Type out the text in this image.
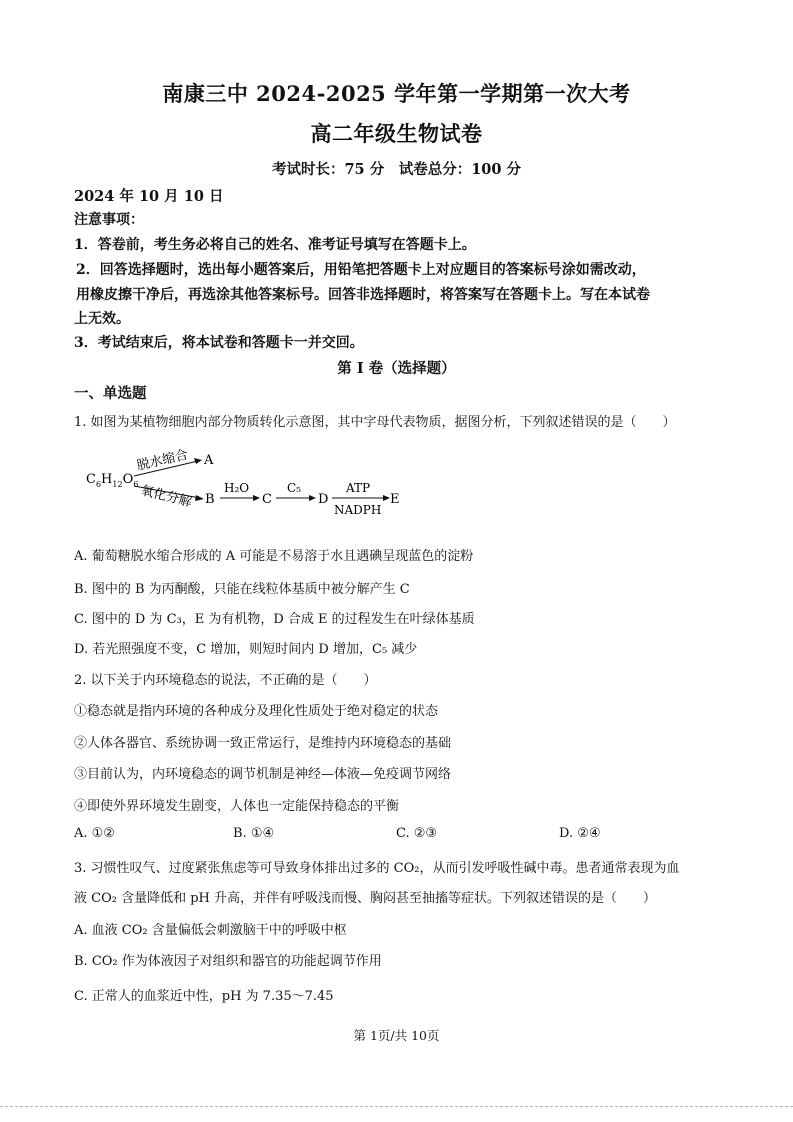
南康三中 2024-2025 学年第一学期第一次大考
高二年级生物试卷
考试时长：75 分　试卷总分：100 分
2024 年 10 月 10 日
注意事项：
1．答卷前，考生务必将自己的姓名、准考证号填写在答题卡上。
2．回答选择题时，选出每小题答案后，用铅笔把答题卡上对应题目的答案标号涂如需改动，
用橡皮擦干净后，再选涂其他答案标号。回答非选择题时，将答案写在答题卡上。写在本试卷
上无效。
3．考试结束后，将本试卷和答题卡一并交回。
第 I 卷（选择题）
一、单选题
1. 如图为某植物细胞内部分物质转化示意图，其中字母代表物质，据图分析，下列叙述错误的是（　　）
$C_6H_{12}O_6$
脱水缩合 A
氧化分解 B
H₂O
C
C₅
D
ATP
NADPH
E
A. 葡萄糖脱水缩合形成的 A 可能是不易溶于水且遇碘呈现蓝色的淀粉
B. 图中的 B 为丙酮酸，只能在线粒体基质中被分解产生 C
C. 图中的 D 为 C₃，E 为有机物，D 合成 E 的过程发生在叶绿体基质
D. 若光照强度不变，C 增加，则短时间内 D 增加，C₅ 减少
2. 以下关于内环境稳态的说法，不正确的是（　　）
①稳态就是指内环境的各种成分及理化性质处于绝对稳定的状态
②人体各器官、系统协调一致正常运行，是维持内环境稳态的基础
③目前认为，内环境稳态的调节机制是神经—体液—免疫调节网络
④即使外界环境发生剧变，人体也一定能保持稳态的平衡
A. ①②	B. ①④	C. ②③	D. ②④
3. 习惯性叹气、过度紧张焦虑等可导致身体排出过多的 CO₂，从而引发呼吸性碱中毒。患者通常表现为血
液 CO₂ 含量降低和 pH 升高，并伴有呼吸浅而慢、胸闷甚至抽搐等症状。下列叙述错误的是（　　）
A. 血液 CO₂ 含量偏低会刺激脑干中的呼吸中枢
B. CO₂ 作为体液因子对组织和器官的功能起调节作用
C. 正常人的血浆近中性，pH 为 7.35～7.45
第 1页/共 10页
